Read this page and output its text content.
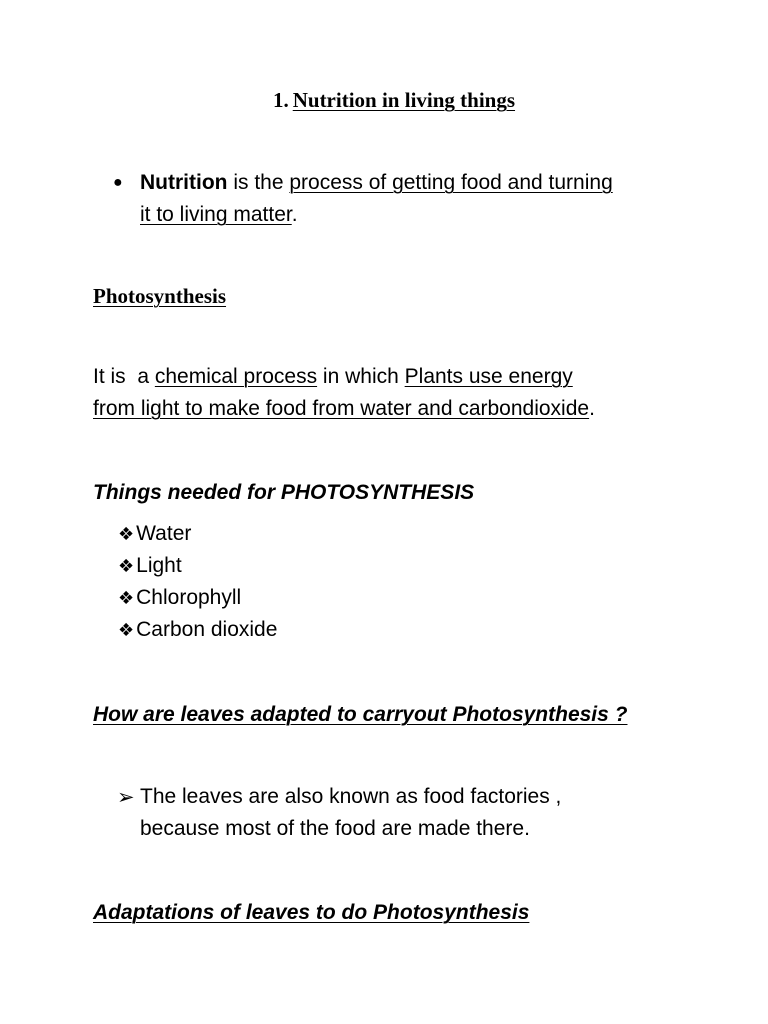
1. Nutrition in living things
● Nutrition is the process of getting food and turning
it to living matter.
Photosynthesis
It is  a chemical process in which Plants use energy
from light to make food from water and carbondioxide.
Things needed for PHOTOSYNTHESIS
❖Water
❖Light
❖Chlorophyll
❖Carbon dioxide
How are leaves adapted to carryout Photosynthesis ?
➢ The leaves are also known as food factories ,
because most of the food are made there.
Adaptations of leaves to do Photosynthesis
